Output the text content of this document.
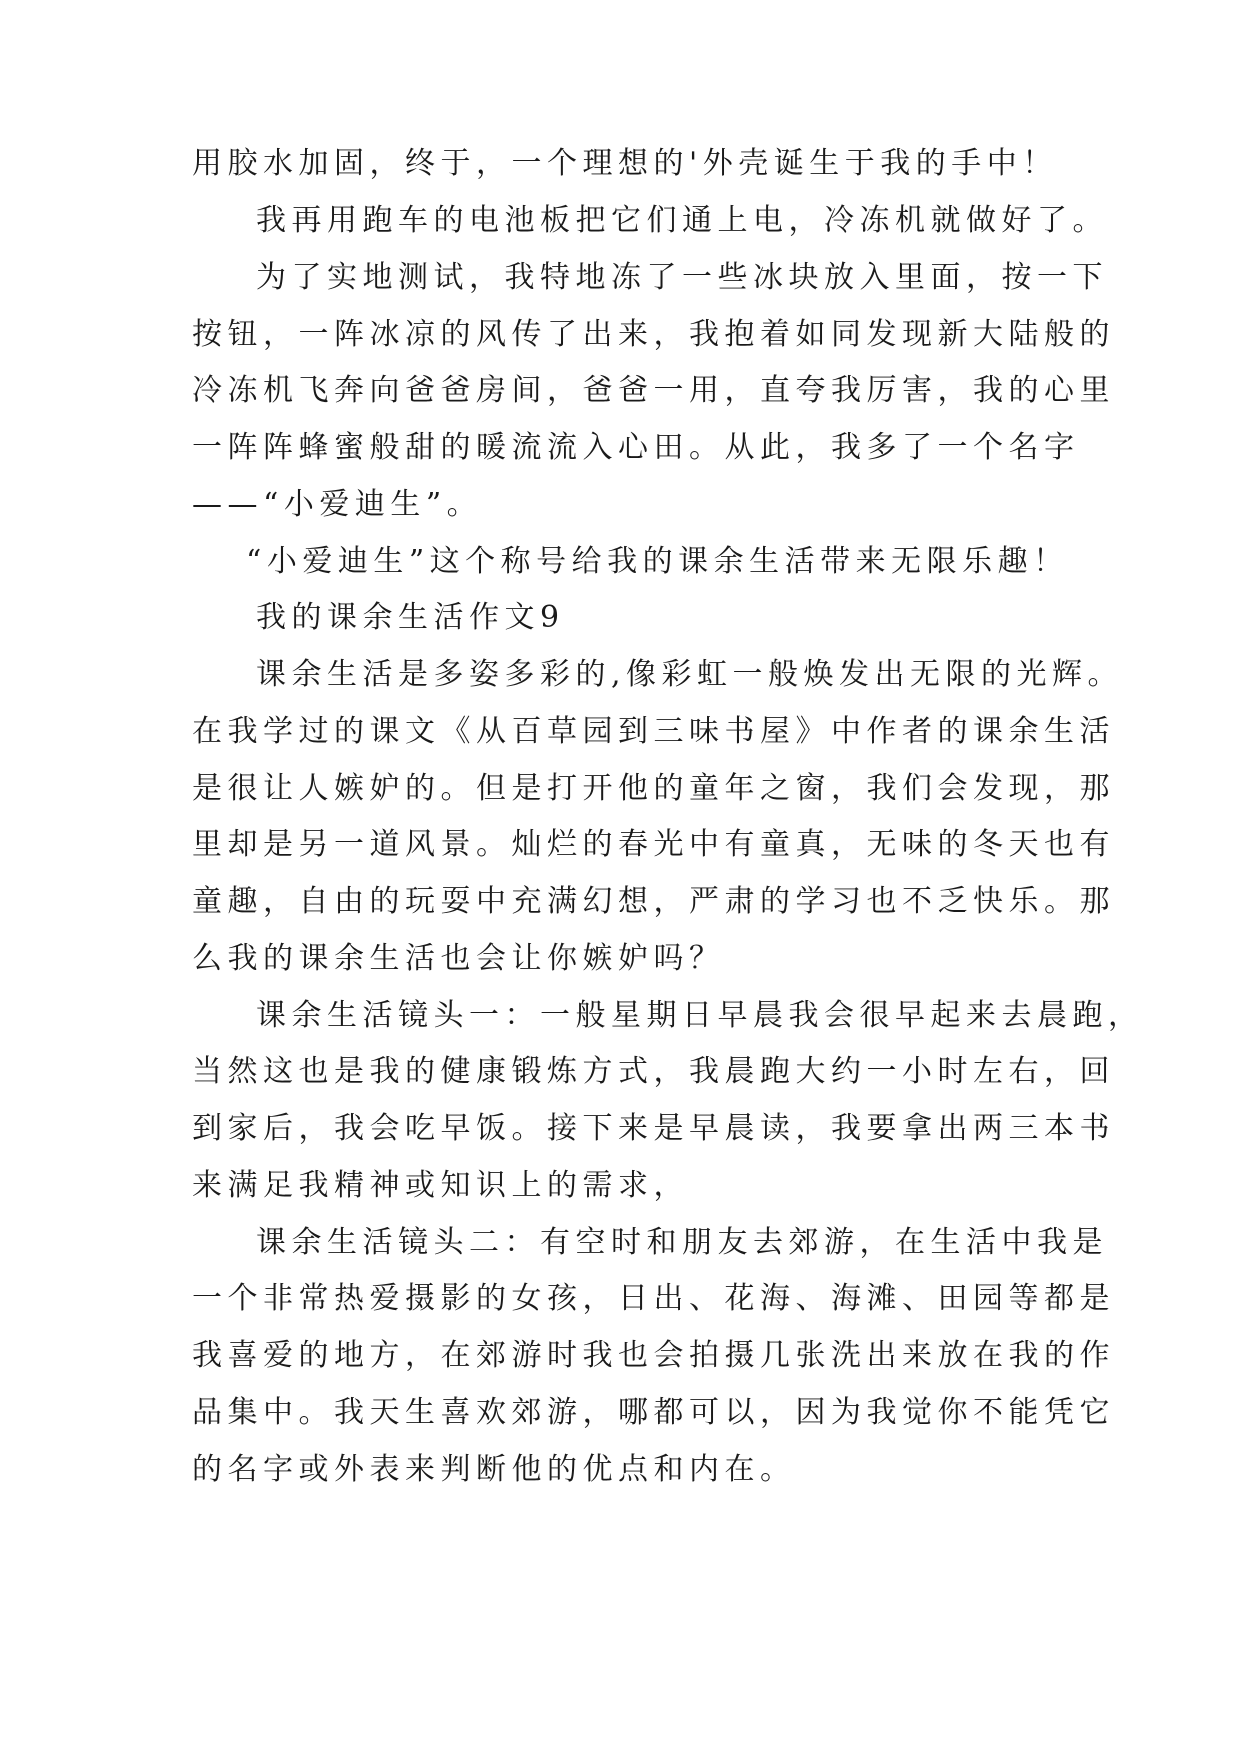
用胶水加固，终于，一个理想的'外壳诞生于我的手中！
我再用跑车的电池板把它们通上电，冷冻机就做好了。
为了实地测试，我特地冻了一些冰块放入里面，按一下
按钮，一阵冰凉的风传了出来，我抱着如同发现新大陆般的
冷冻机飞奔向爸爸房间，爸爸一用，直夸我厉害，我的心里
一阵阵蜂蜜般甜的暖流流入心田。从此，我多了一个名字
——“小爱迪生”。
“小爱迪生”这个称号给我的课余生活带来无限乐趣！
我的课余生活作文9
课余生活是多姿多彩的,像彩虹一般焕发出无限的光辉。
在我学过的课文《从百草园到三味书屋》中作者的课余生活
是很让人嫉妒的。但是打开他的童年之窗，我们会发现，那
里却是另一道风景。灿烂的春光中有童真，无味的冬天也有
童趣，自由的玩耍中充满幻想，严肃的学习也不乏快乐。那
么我的课余生活也会让你嫉妒吗？
课余生活镜头一：一般星期日早晨我会很早起来去晨跑，
当然这也是我的健康锻炼方式，我晨跑大约一小时左右，回
到家后，我会吃早饭。接下来是早晨读，我要拿出两三本书
来满足我精神或知识上的需求，
课余生活镜头二：有空时和朋友去郊游，在生活中我是
一个非常热爱摄影的女孩，日出、花海、海滩、田园等都是
我喜爱的地方，在郊游时我也会拍摄几张洗出来放在我的作
品集中。我天生喜欢郊游，哪都可以，因为我觉你不能凭它
的名字或外表来判断他的优点和内在。
